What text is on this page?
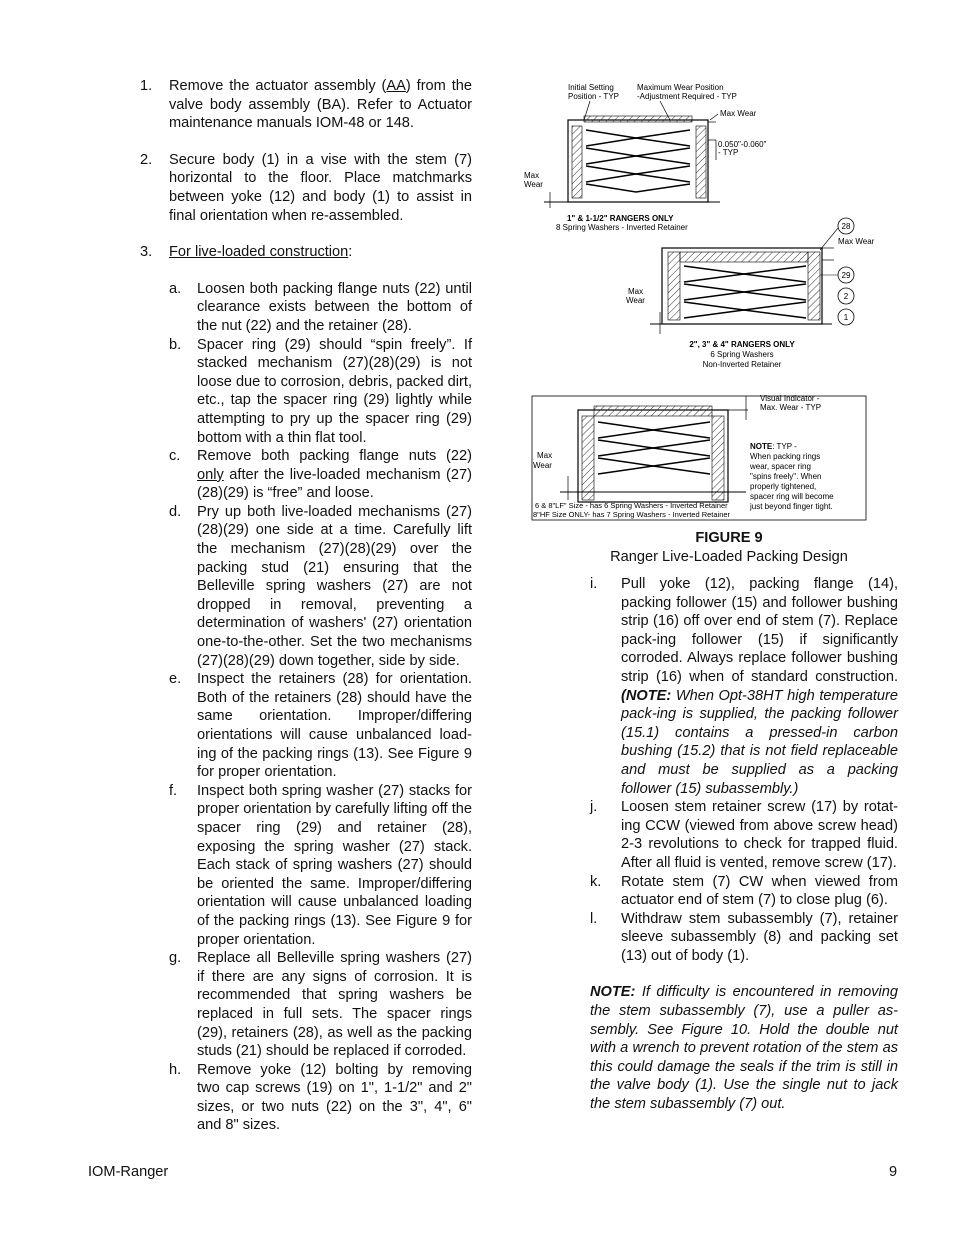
1. Remove the actuator assembly (AA) from the valve body assembly (BA). Refer to Actuator maintenance manuals IOM-48 or 148.
2. Secure body (1) in a vise with the stem (7) horizontal to the floor. Place matchmarks between yoke (12) and body (1) to assist in final orientation when re-assembled.
3. For live-loaded construction:
a. Loosen both packing flange nuts (22) until clearance exists between the bottom of the nut (22) and the retainer (28).
b. Spacer ring (29) should “spin freely”. If stacked mechanism (27)(28)(29) is not loose due to corrosion, debris, packed dirt, etc., tap the spacer ring (29) lightly while attempting to pry up the spacer ring (29) bottom with a thin flat tool.
c. Remove both packing flange nuts (22) only after the live-loaded mechanism (27)(28)(29) is “free” and loose.
d. Pry up both live-loaded mechanisms (27)(28)(29) one side at a time. Carefully lift the mechanism (27)(28)(29) over the packing stud (21) ensuring that the Belleville spring washers (27) are not dropped in removal, preventing a determination of washers' (27) orientation one-to-the-other. Set the two mechanisms (27)(28)(29) down together, side by side.
e. Inspect the retainers (28) for orientation. Both of the retainers (28) should have the same orientation. Improper/differing orientations will cause unbalanced load-ing of the packing rings (13). See Figure 9 for proper orientation.
f. Inspect both spring washer (27) stacks for proper orientation by carefully lifting off the spacer ring (29) and retainer (28), exposing the spring washer (27) stack. Each stack of spring washers (27) should be oriented the same. Improper/differing orientation will cause unbalanced loading of the packing rings (13). See Figure 9 for proper orientation.
g. Replace all Belleville spring washers (27) if there are any signs of corrosion. It is recommended that spring washers be replaced in full sets. The spacer rings (29), retainers (28), as well as the packing studs (21) should be replaced if corroded.
h. Remove yoke (12) bolting by removing two cap screws (19) on 1", 1-1/2" and 2" sizes, or two nuts (22) on the 3", 4", 6" and 8" sizes.
Initial Setting
Position - TYP
Maximum Wear Position
-Adjustment Required - TYP
Max Wear
0.050"-0.060"
- TYP
Max
Wear
1" & 1-1/2" RANGERS ONLY
8 Spring Washers - Inverted Retainer
Max
Wear
Max Wear
28
29
2
1
2", 3" & 4" RANGERS ONLY
6 Spring Washers
Non-Inverted Retainer
Max
Wear
Visual Indicator -
Max. Wear - TYP
NOTE: TYP -
When packing rings
wear, spacer ring
"spins freely". When
properly tightened,
spacer ring will become
just beyond finger tight.
6 & 8"LF" Size - has 6 Spring Washers - Inverted Retainer
8"HF Size ONLY- has 7 Spring Washers - Inverted Retainer
FIGURE 9
Ranger Live-Loaded Packing Design
i. Pull yoke (12), packing flange (14), packing follower (15) and follower bushing strip (16) off over end of stem (7). Replace pack-ing follower (15) if significantly corroded. Always replace follower bushing strip (16) when of standard construction. (NOTE: When Opt-38HT high temperature pack-ing is supplied, the packing follower (15.1) contains a pressed-in carbon bushing (15.2) that is not field replaceable and must be supplied as a packing follower (15) subassembly.)
j. Loosen stem retainer screw (17) by rotat-ing CCW (viewed from above screw head) 2-3 revolutions to check for trapped fluid. After all fluid is vented, remove screw (17).
k. Rotate stem (7) CW when viewed from actuator end of stem (7) to close plug (6).
l. Withdraw stem subassembly (7), retainer sleeve subassembly (8) and packing set (13) out of body (1).
NOTE: If difficulty is encountered in removing the stem subassembly (7), use a puller as-sembly. See Figure 10. Hold the double nut with a wrench to prevent rotation of the stem as this could damage the seals if the trim is still in the valve body (1). Use the single nut to jack the stem subassembly (7) out.
IOM-Ranger	9
